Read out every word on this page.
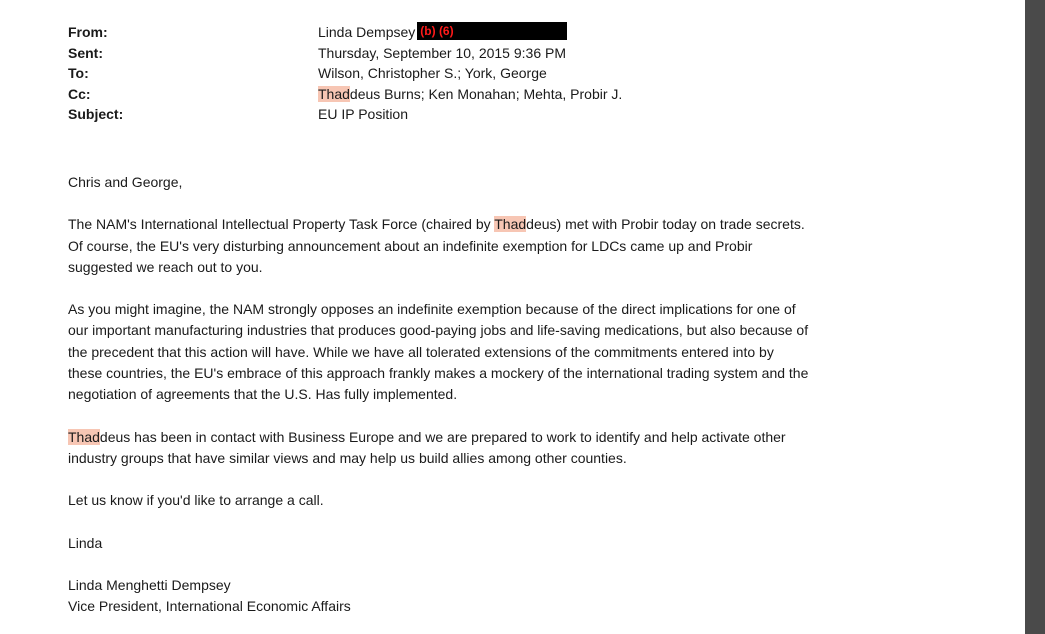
From:	Linda Dempsey (b) (6)
Sent:	Thursday, September 10, 2015 9:36 PM
To:	Wilson, Christopher S.; York, George
Cc:	Thaddeus Burns; Ken Monahan; Mehta, Probir J.
Subject:	EU IP Position

Chris and George,

The NAM's International Intellectual Property Task Force (chaired by Thaddeus) met with Probir today on trade secrets.
Of course, the EU's very disturbing announcement about an indefinite exemption for LDCs came up and Probir
suggested we reach out to you.

As you might imagine, the NAM strongly opposes an indefinite exemption because of the direct implications for one of
our important manufacturing industries that produces good-paying jobs and life-saving medications, but also because of
the precedent that this action will have. While we have all tolerated extensions of the commitments entered into by
these countries, the EU's embrace of this approach frankly makes a mockery of the international trading system and the
negotiation of agreements that the U.S. Has fully implemented.

Thaddeus has been in contact with Business Europe and we are prepared to work to identify and help activate other
industry groups that have similar views and may help us build allies among other counties.

Let us know if you'd like to arrange a call.

Linda

Linda Menghetti Dempsey
Vice President, International Economic Affairs
